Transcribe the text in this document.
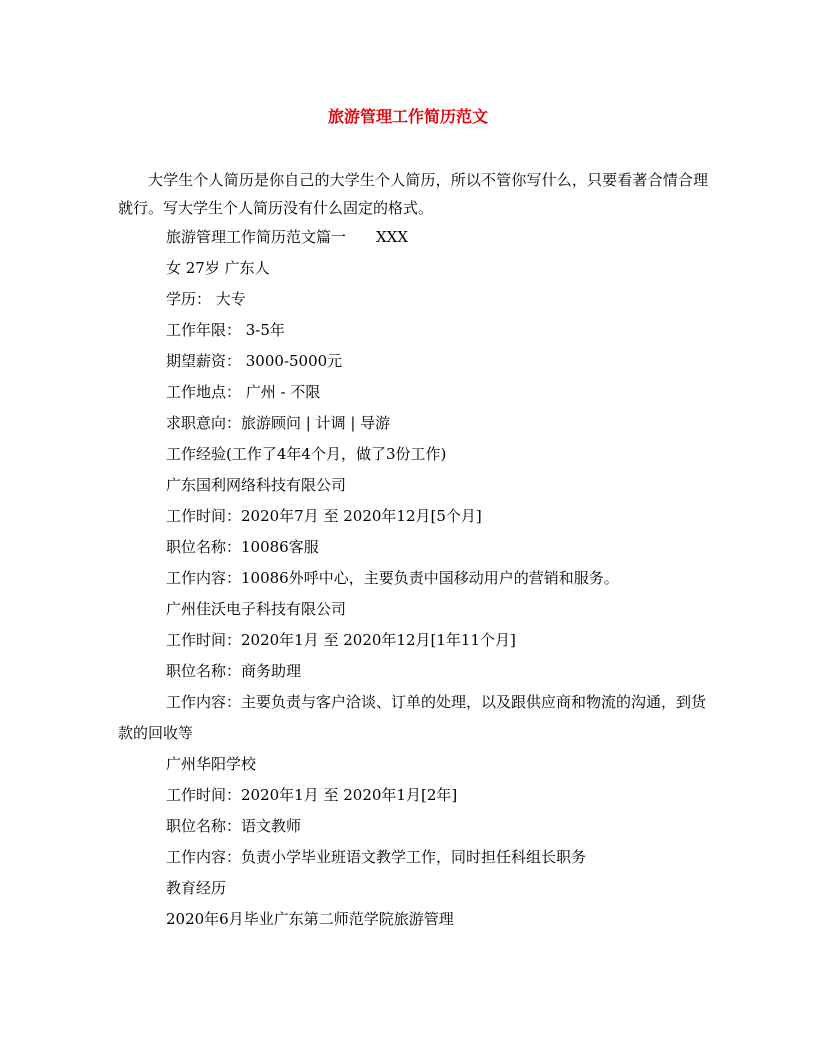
旅游管理工作简历范文

大学生个人简历是你自己的大学生个人简历，所以不管你写什么，只要看著合情合理就行。写大学生个人简历没有什么固定的格式。

旅游管理工作简历范文篇一　　XXX

女 27岁 广东人

学历： 大专

工作年限： 3-5年

期望薪资： 3000-5000元

工作地点： 广州 - 不限

求职意向：旅游顾问 | 计调 | 导游

工作经验(工作了4年4个月，做了3份工作)

广东国利网络科技有限公司

工作时间：2020年7月 至 2020年12月[5个月]

职位名称：10086客服

工作内容：10086外呼中心，主要负责中国移动用户的营销和服务。

广州佳沃电子科技有限公司

工作时间：2020年1月 至 2020年12月[1年11个月]

职位名称：商务助理

工作内容：主要负责与客户洽谈、订单的处理，以及跟供应商和物流的沟通，到货款的回收等

广州华阳学校

工作时间：2020年1月 至 2020年1月[2年]

职位名称：语文教师

工作内容：负责小学毕业班语文教学工作，同时担任科组长职务

教育经历

2020年6月毕业广东第二师范学院旅游管理
